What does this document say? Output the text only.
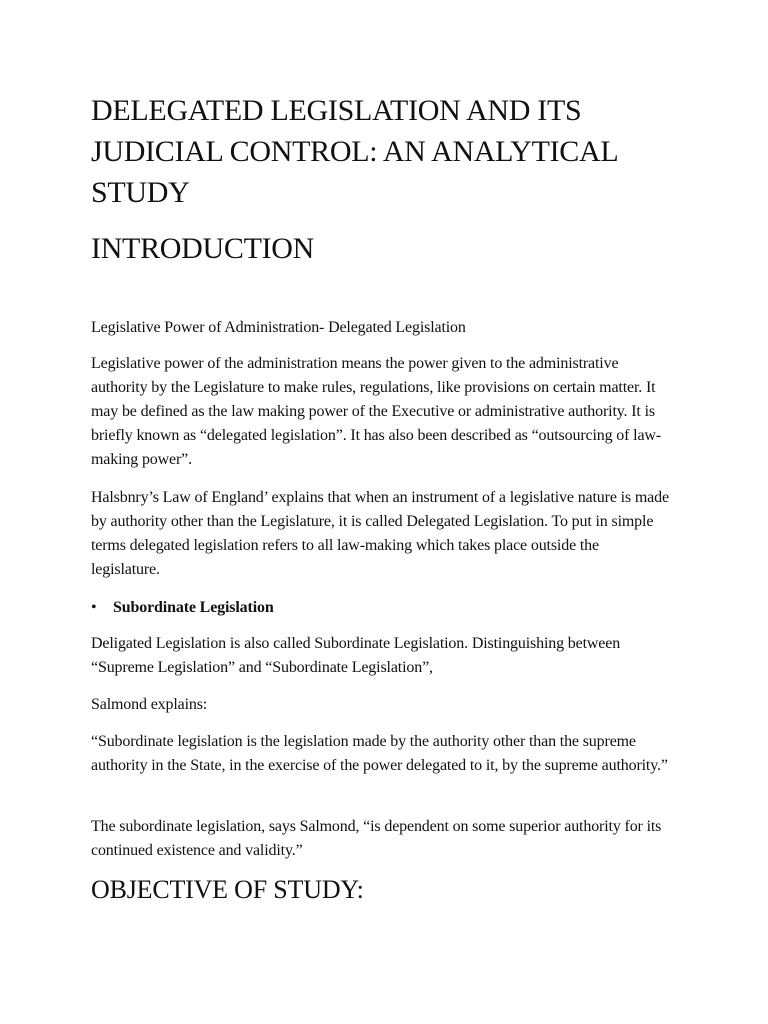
DELEGATED LEGISLATION AND ITS JUDICIAL CONTROL: AN ANALYTICAL STUDY
INTRODUCTION

Legislative Power of Administration- Delegated Legislation

Legislative power of the administration means the power given to the administrative authority by the Legislature to make rules, regulations, like provisions on certain matter. It may be defined as the law making power of the Executive or administrative authority. It is briefly known as “delegated legislation”. It has also been described as “outsourcing of law- making power”.

Halsbnry’s Law of England’ explains that when an instrument of a legislative nature is made by authority other than the Legislature, it is called Delegated Legislation. To put in simple terms delegated legislation refers to all law-making which takes place outside the legislature.

• Subordinate Legislation

Deligated Legislation is also called Subordinate Legislation. Distinguishing between “Supreme Legislation” and “Subordinate Legislation”,

Salmond explains:

“Subordinate legislation is the legislation made by the authority other than the supreme authority in the State, in the exercise of the power delegated to it, by the supreme authority.”

The subordinate legislation, says Salmond, “is dependent on some superior authority for its continued existence and validity.”

OBJECTIVE OF STUDY:
